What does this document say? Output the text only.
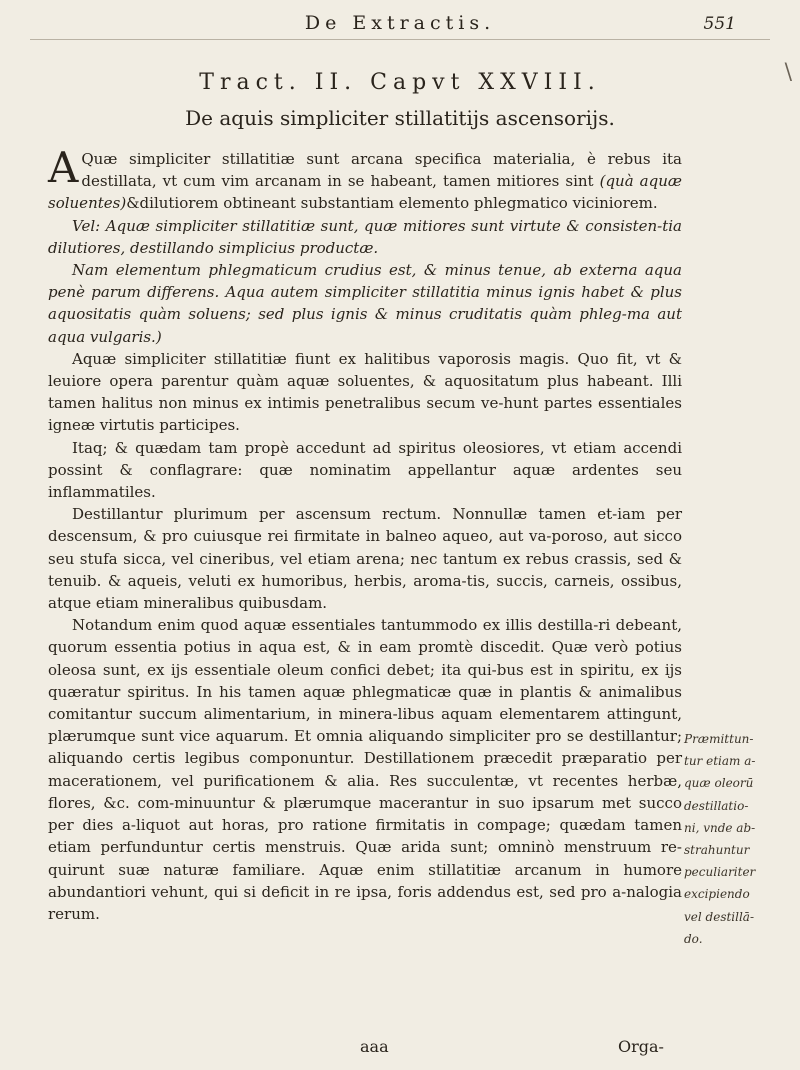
De Extractis.	551
\
Tract. II. Capvt XXVIII.
De aquis simpliciter stillatitijs ascensorijs.

A Quæ simpliciter stillatitiæ sunt arcana specifica materialia, è rebus ita destillata, vt cum vim arcanam in se habeant, tamen mitiores sint (quà aquæ soluentes)&dilutiorem obtineant substantiam elemento phlegmatico viciniorem.

Vel: Aquæ simpliciter stillatitiæ sunt, quæ mitiores sunt virtute & consisten-tia dilutiores, destillando simplicius productæ.

Nam elementum phlegmaticum crudius est, & minus tenue, ab externa aqua penè parum differens. Aqua autem simpliciter stillatitia minus ignis habet & plus aquositatis quàm soluens; sed plus ignis & minus cruditatis quàm phleg-ma aut aqua vulgaris.)

Aquæ simpliciter stillatitiæ fiunt ex halitibus vaporosis magis. Quo fit, vt & leuiore opera parentur quàm aquæ soluentes, & aquositatum plus habeant. Illi tamen halitus non minus ex intimis penetralibus secum ve-hunt partes essentiales igneæ virtutis participes.

Itaq; & quædam tam propè accedunt ad spiritus oleosiores, vt etiam accendi possint & conflagrare: quæ nominatim appellantur aquæ ardentes seu inflammatiles.

Destillantur plurimum per ascensum rectum. Nonnullæ tamen et-iam per descensum, & pro cuiusque rei firmitate in balneo aqueo, aut va-poroso, aut sicco seu stufa sicca, vel cineribus, vel etiam arena; nec tantum ex rebus crassis, sed & tenuib. & aqueis, veluti ex humoribus, herbis, aroma-tis, succis, carneis, ossibus, atque etiam mineralibus quibusdam.

Notandum enim quod aquæ essentiales tantummodo ex illis destilla-ri debeant, quorum essentia potius in aqua est, & in eam promtè discedit. Quæ verò potius oleosa sunt, ex ijs essentiale oleum confici debet; ita qui-bus est in spiritu, ex ijs quæratur spiritus. In his tamen aquæ phlegmaticæ quæ in plantis & animalibus comitantur succum alimentarium, in minera-libus aquam elementarem attingunt, plærumque sunt vice aquarum. Et omnia aliquando simpliciter pro se destillantur; aliquando certis legibus componuntur. Destillationem præcedit præparatio per macerationem, vel purificationem & alia. Res succulentæ, vt recentes herbæ, flores, &c. com-minuuntur & plærumque macerantur in suo ipsarum met succo per dies a-liquot aut horas, pro ratione firmitatis in compage; quædam tamen etiam perfunduntur certis menstruis. Quæ arida sunt; omninò menstruum re-quirunt suæ naturæ familiare. Aquæ enim stillatitiæ arcanum in humore abundantiori vehunt, qui si deficit in re ipsa, foris addendus est, sed pro a-nalogia rerum.

Præmittun-
tur etiam a-
quæ oleorū
destillatio-
ni, vnde ab-
strahuntur
peculiariter
excipiendo
vel destillā-
do.
aaa	Orga-
